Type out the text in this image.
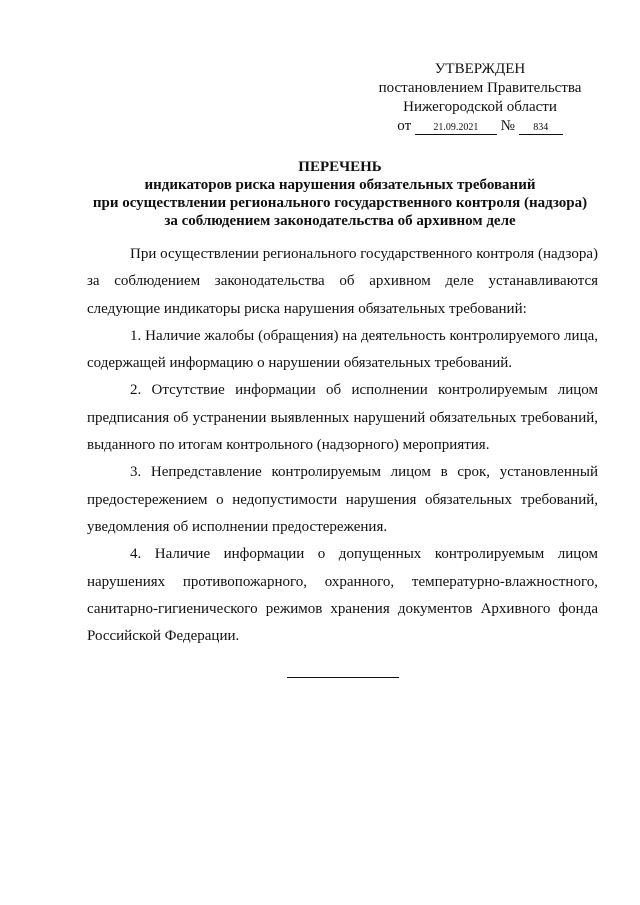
УТВЕРЖДЕН
постановлением Правительства
Нижегородской области
от 21.09.2021 № 834
ПЕРЕЧЕНЬ
индикаторов риска нарушения обязательных требований
при осуществлении регионального государственного контроля (надзора)
за соблюдением законодательства об архивном деле

При осуществлении регионального государственного контроля (надзора) за соблюдением законодательства об архивном деле устанавливаются следующие индикаторы риска нарушения обязательных требований:

1. Наличие жалобы (обращения) на деятельность контролируемого лица, содержащей информацию о нарушении обязательных требований.

2. Отсутствие информации об исполнении контролируемым лицом предписания об устранении выявленных нарушений обязательных требований, выданного по итогам контрольного (надзорного) мероприятия.

3. Непредставление контролируемым лицом в срок, установленный предостережением о недопустимости нарушения обязательных требований, уведомления об исполнении предостережения.

4. Наличие информации о допущенных контролируемым лицом нарушениях противопожарного, охранного, температурно-влажностного, санитарно-гигиенического режимов хранения документов Архивного фонда Российской Федерации.
